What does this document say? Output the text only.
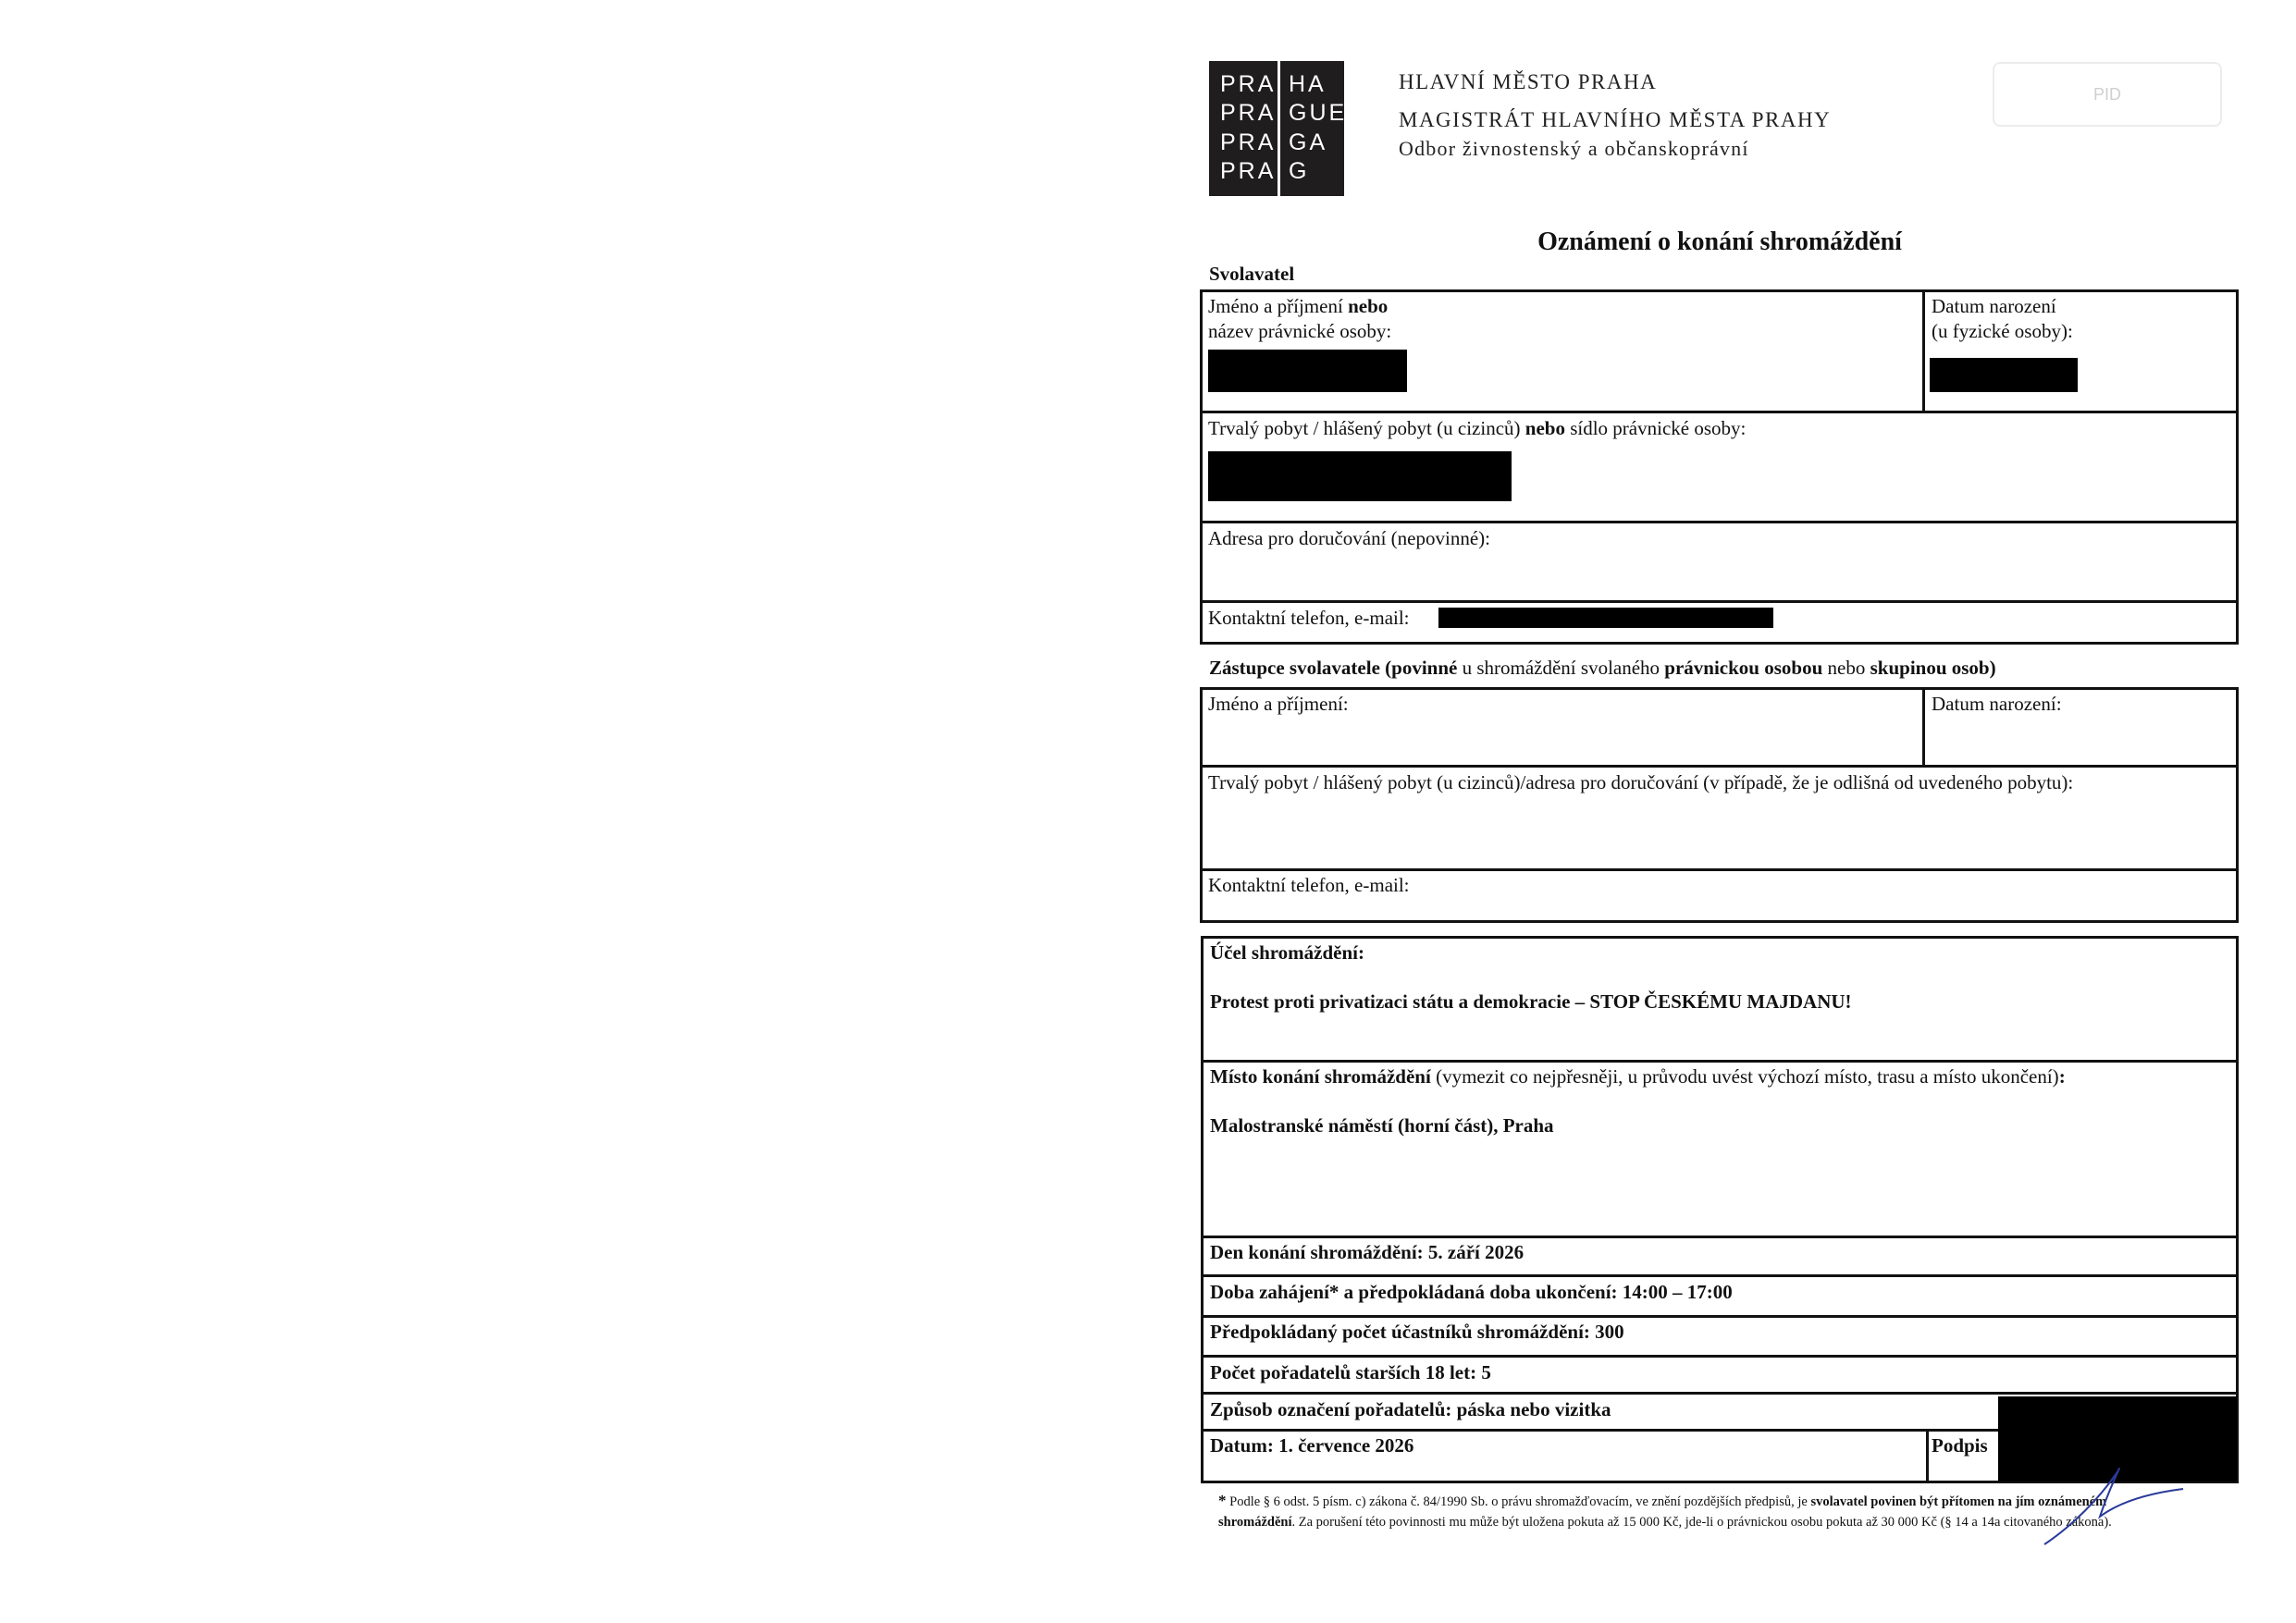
PRA HA
PRA GUE
PRA GA
PRA G
HLAVNÍ MĚSTO PRAHA
MAGISTRÁT HLAVNÍHO MĚSTA PRAHY
Odbor živnostenský a občanskoprávní
PID
Oznámení o konání shromáždění
Svolavatel
Jméno a příjmení nebo
název právnické osoby:
Datum narození
(u fyzické osoby):
Trvalý pobyt / hlášený pobyt (u cizinců) nebo sídlo právnické osoby:
Adresa pro doručování (nepovinné):
Kontaktní telefon, e-mail:
Zástupce svolavatele (povinné u shromáždění svolaného právnickou osobou nebo skupinou osob)
Jméno a příjmení:	Datum narození:
Trvalý pobyt / hlášený pobyt (u cizinců)/adresa pro doručování (v případě, že je odlišná od uvedeného pobytu):
Kontaktní telefon, e-mail:
Účel shromáždění:
Protest proti privatizaci státu a demokracie – STOP ČESKÉMU MAJDANU!
Místo konání shromáždění (vymezit co nejpřesněji, u průvodu uvést výchozí místo, trasu a místo ukončení):
Malostranské náměstí (horní část), Praha
Den konání shromáždění: 5. září 2026
Doba zahájení* a předpokládaná doba ukončení: 14:00 – 17:00
Předpokládaný počet účastníků shromáždění: 300
Počet pořadatelů starších 18 let: 5
Způsob označení pořadatelů: páska nebo vizitka
Datum: 1. července 2026	Podpis
* Podle § 6 odst. 5 písm. c) zákona č. 84/1990 Sb. o právu shromažďovacím, ve znění pozdějších předpisů, je svolavatel povinen být přítomen na jím oznámeném
shromáždění. Za porušení této povinnosti mu může být uložena pokuta až 15 000 Kč, jde-li o právnickou osobu pokuta až 30 000 Kč (§ 14 a 14a citovaného zákona).
